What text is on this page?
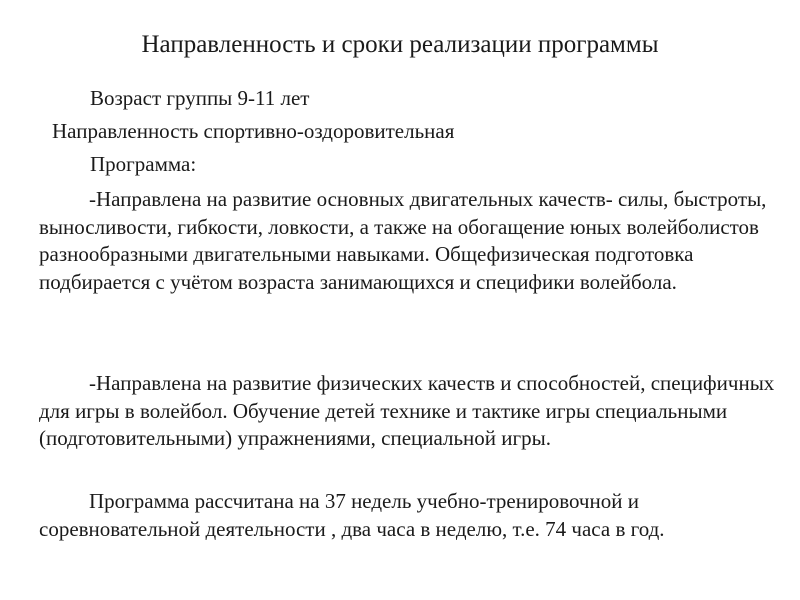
Направленность и сроки реализации программы
Возраст группы 9-11 лет
Направленность спортивно-оздоровительная
Программа:
-Направлена на развитие основных двигательных качеств- силы, быстроты, выносливости, гибкости, ловкости, а также на обогащение юных волейболистов разнообразными двигательными навыками. Общефизическая подготовка подбирается с учётом возраста занимающихся и специфики волейбола.
-Направлена на развитие физических качеств и способностей, специфичных для игры в волейбол. Обучение детей технике и тактике игры специальными (подготовительными) упражнениями, специальной игры.
Программа рассчитана на 37 недель учебно-тренировочной и соревновательной деятельности , два часа в неделю, т.е. 74 часа в год.
